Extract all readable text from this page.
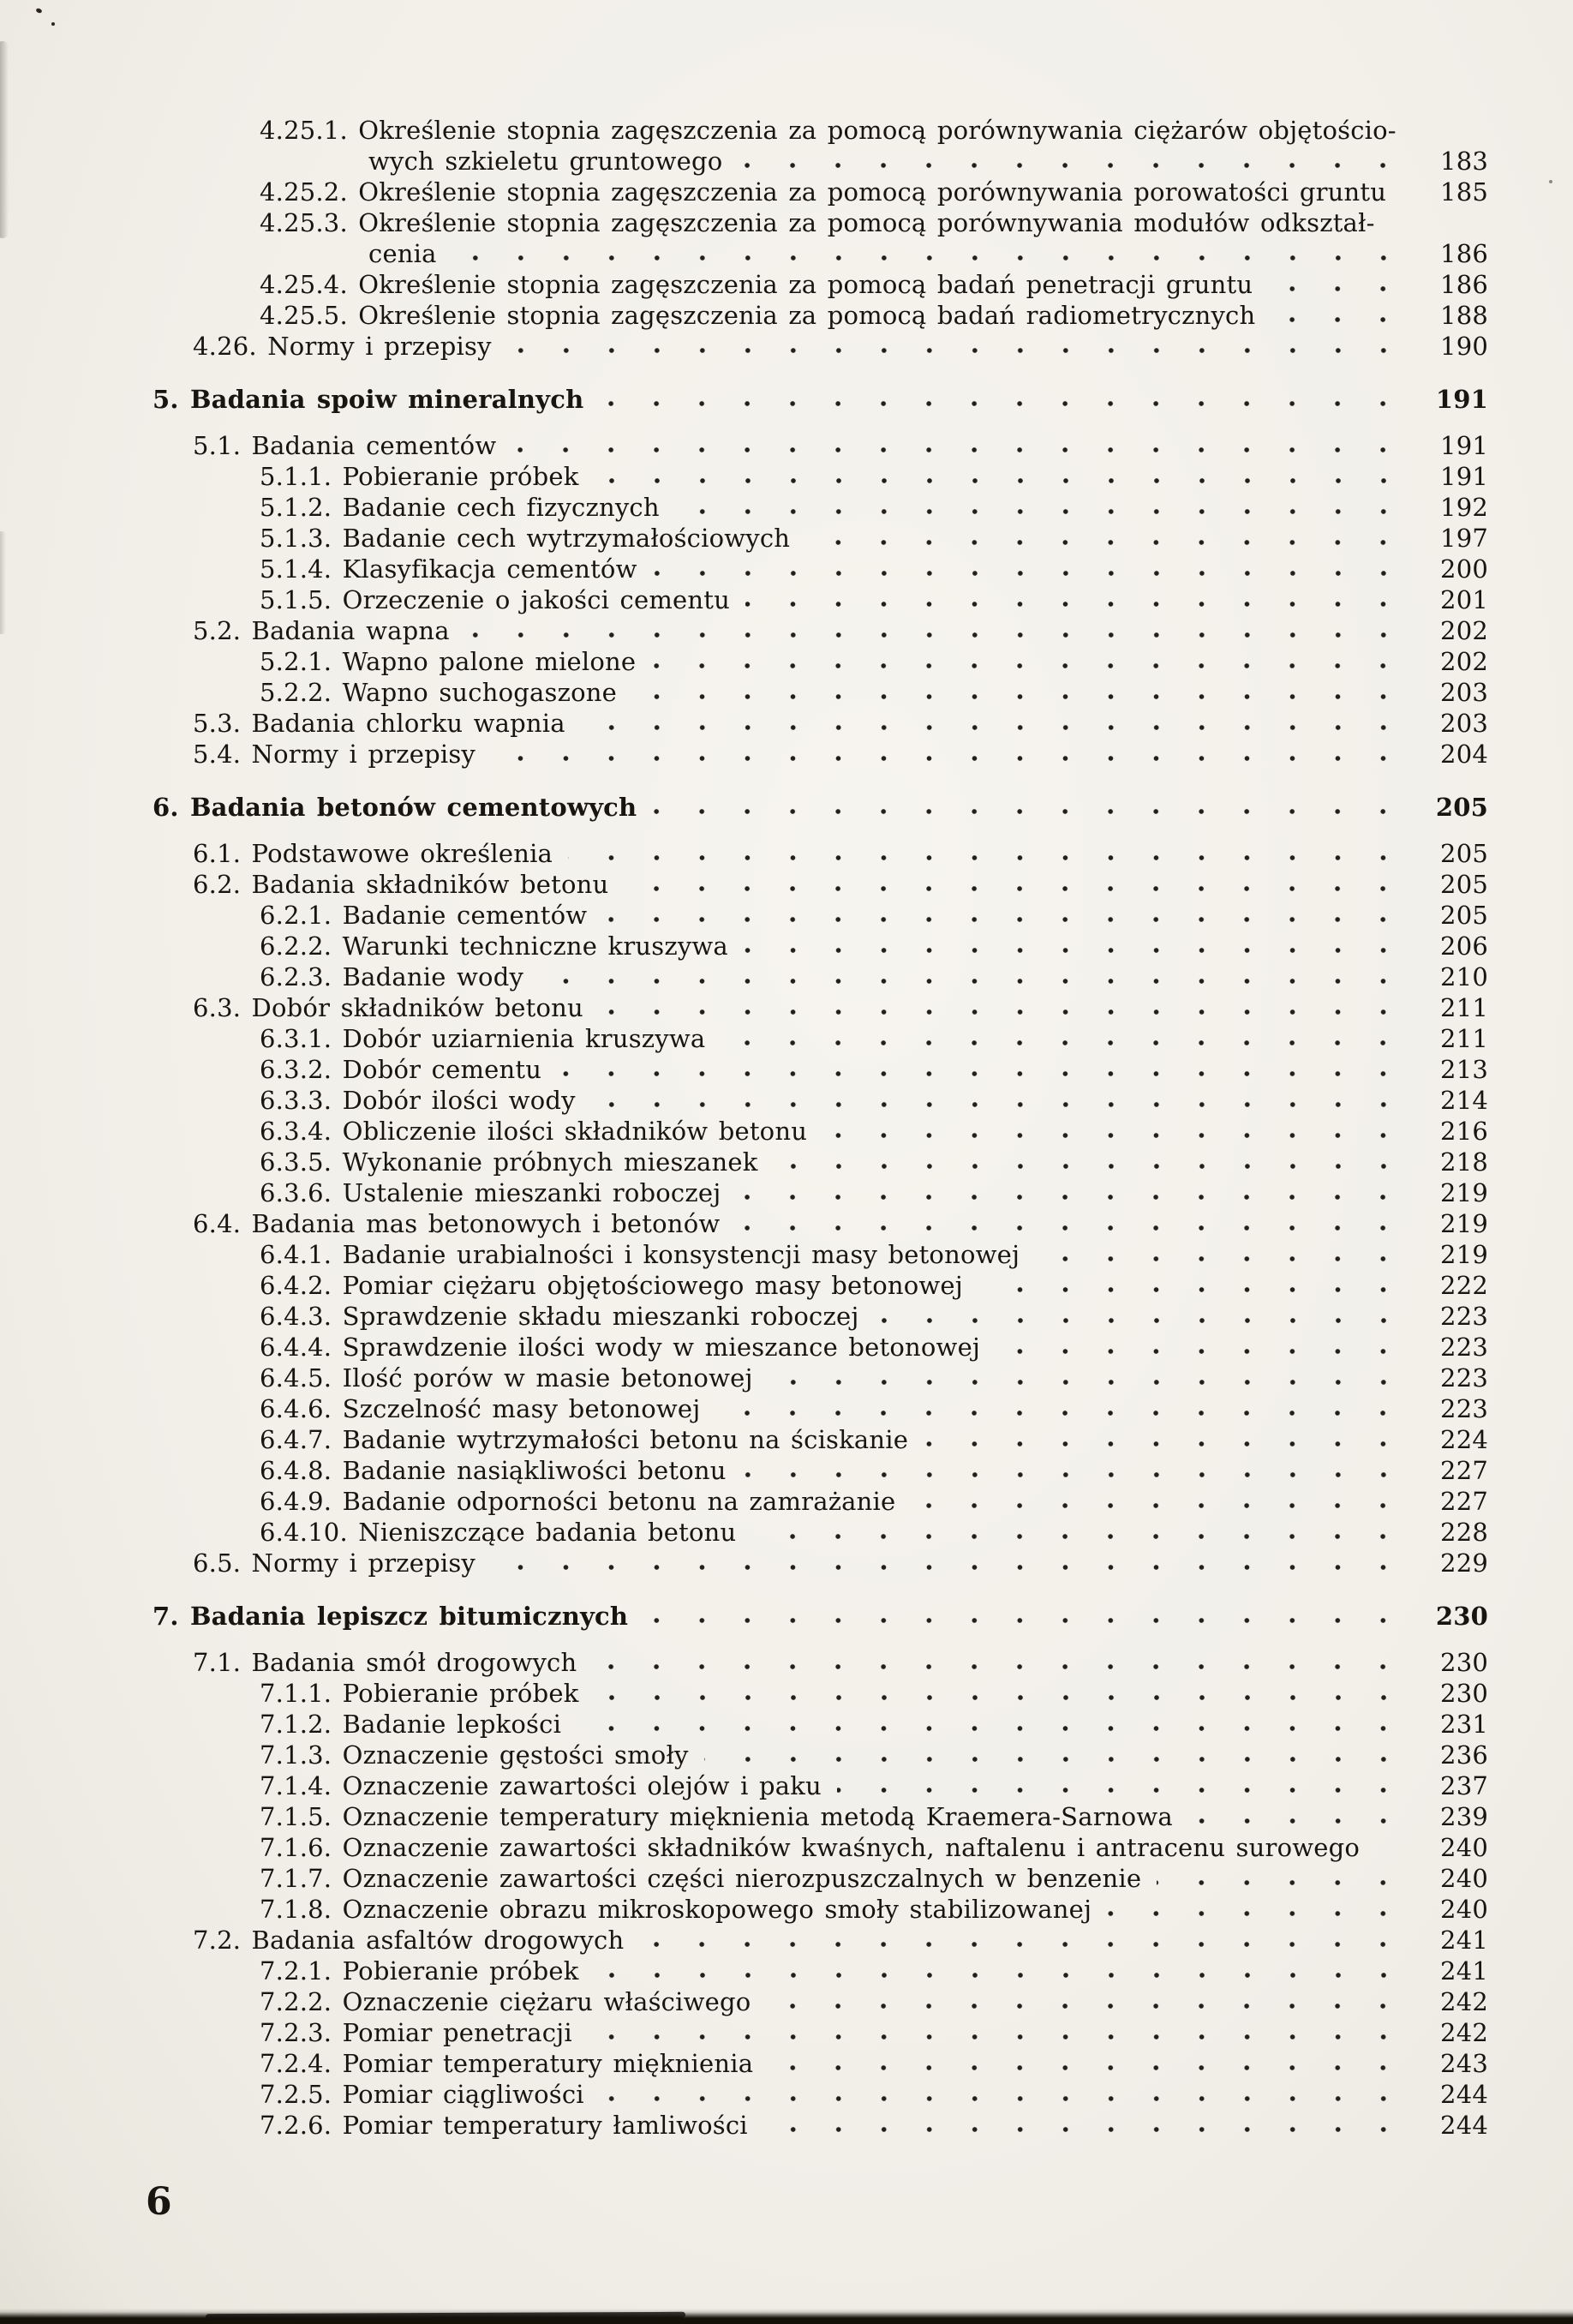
4.25.1. Określenie stopnia zagęszczenia za pomocą porównywania ciężarów objętościo-
wych szkieletu gruntowego	183
4.25.2. Określenie stopnia zagęszczenia za pomocą porównywania porowatości gruntu	185
4.25.3. Określenie stopnia zagęszczenia za pomocą porównywania modułów odkształ-
cenia	186
4.25.4. Określenie stopnia zagęszczenia za pomocą badań penetracji gruntu	186
4.25.5. Określenie stopnia zagęszczenia za pomocą badań radiometrycznych	188
4.26. Normy i przepisy	190
5. Badania spoiw mineralnych	191
5.1. Badania cementów	191
5.1.1. Pobieranie próbek	191
5.1.2. Badanie cech fizycznych	192
5.1.3. Badanie cech wytrzymałościowych	197
5.1.4. Klasyfikacja cementów	200
5.1.5. Orzeczenie o jakości cementu	201
5.2. Badania wapna	202
5.2.1. Wapno palone mielone	202
5.2.2. Wapno suchogaszone	203
5.3. Badania chlorku wapnia	203
5.4. Normy i przepisy	204
6. Badania betonów cementowych	205
6.1. Podstawowe określenia	205
6.2. Badania składników betonu	205
6.2.1. Badanie cementów	205
6.2.2. Warunki techniczne kruszywa	206
6.2.3. Badanie wody	210
6.3. Dobór składników betonu	211
6.3.1. Dobór uziarnienia kruszywa	211
6.3.2. Dobór cementu	213
6.3.3. Dobór ilości wody	214
6.3.4. Obliczenie ilości składników betonu	216
6.3.5. Wykonanie próbnych mieszanek	218
6.3.6. Ustalenie mieszanki roboczej	219
6.4. Badania mas betonowych i betonów	219
6.4.1. Badanie urabialności i konsystencji masy betonowej	219
6.4.2. Pomiar ciężaru objętościowego masy betonowej	222
6.4.3. Sprawdzenie składu mieszanki roboczej	223
6.4.4. Sprawdzenie ilości wody w mieszance betonowej	223
6.4.5. Ilość porów w masie betonowej	223
6.4.6. Szczelność masy betonowej	223
6.4.7. Badanie wytrzymałości betonu na ściskanie	224
6.4.8. Badanie nasiąkliwości betonu	227
6.4.9. Badanie odporności betonu na zamrażanie	227
6.4.10. Nieniszczące badania betonu	228
6.5. Normy i przepisy	229
7. Badania lepiszcz bitumicznych	230
7.1. Badania smół drogowych	230
7.1.1. Pobieranie próbek	230
7.1.2. Badanie lepkości	231
7.1.3. Oznaczenie gęstości smoły	236
7.1.4. Oznaczenie zawartości olejów i paku	237
7.1.5. Oznaczenie temperatury mięknienia metodą Kraemera-Sarnowa	239
7.1.6. Oznaczenie zawartości składników kwaśnych, naftalenu i antracenu surowego	240
7.1.7. Oznaczenie zawartości części nierozpuszczalnych w benzenie	240
7.1.8. Oznaczenie obrazu mikroskopowego smoły stabilizowanej	240
7.2. Badania asfaltów drogowych	241
7.2.1. Pobieranie próbek	241
7.2.2. Oznaczenie ciężaru właściwego	242
7.2.3. Pomiar penetracji	242
7.2.4. Pomiar temperatury mięknienia	243
7.2.5. Pomiar ciągliwości	244
7.2.6. Pomiar temperatury łamliwości	244
6
